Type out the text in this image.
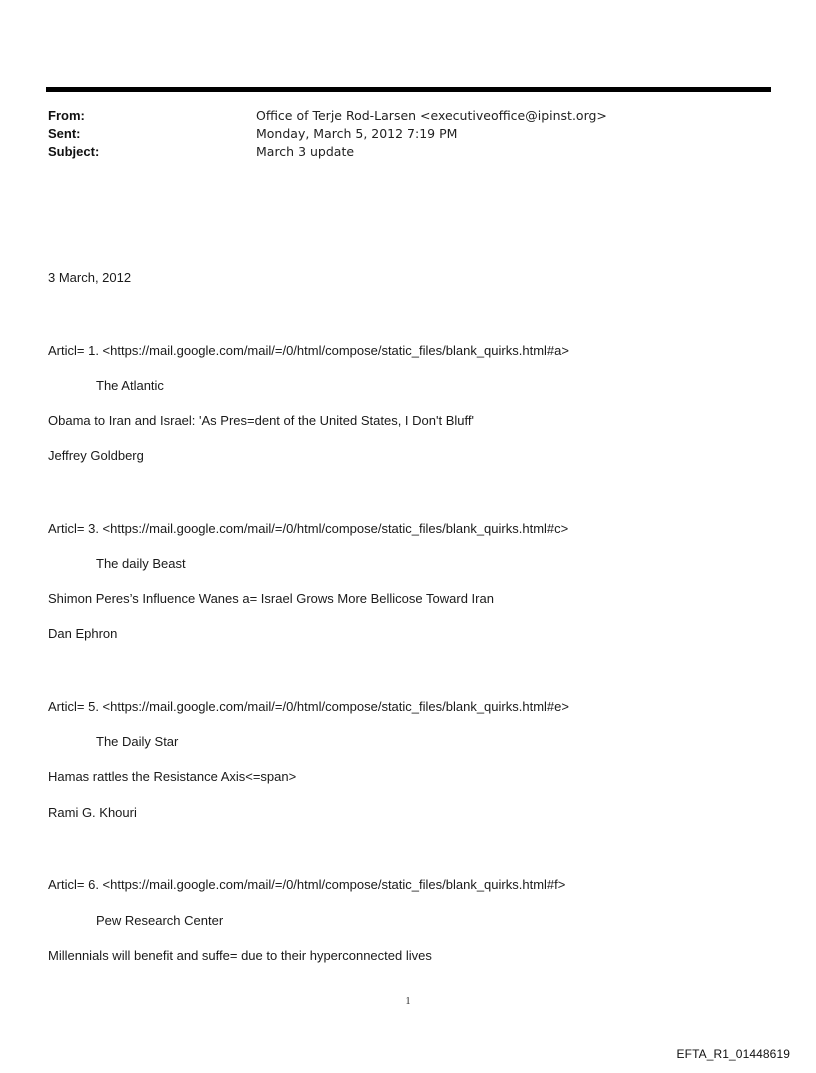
From:	Office of Terje Rod-Larsen <executiveoffice@ipinst.org>
Sent:	Monday, March 5, 2012 7:19 PM
Subject:	March 3 update
3 March, 2012
Articl= 1. <https://mail.google.com/mail/=/0/html/compose/static_files/blank_quirks.html#a>
The Atlantic
Obama to Iran and Israel: 'As Pres=dent of the United States, I Don't Bluff'
Jeffrey Goldberg
Articl= 3. <https://mail.google.com/mail/=/0/html/compose/static_files/blank_quirks.html#c>
The daily Beast
Shimon Peres’s Influence Wanes a= Israel Grows More Bellicose Toward Iran
Dan Ephron
Articl= 5. <https://mail.google.com/mail/=/0/html/compose/static_files/blank_quirks.html#e>
The Daily Star
Hamas rattles the Resistance Axis<=span>
Rami G. Khouri
Articl= 6. <https://mail.google.com/mail/=/0/html/compose/static_files/blank_quirks.html#f>
Pew Research Center
Millennials will benefit and suffe= due to their hyperconnected lives
1
EFTA_R1_01448619
